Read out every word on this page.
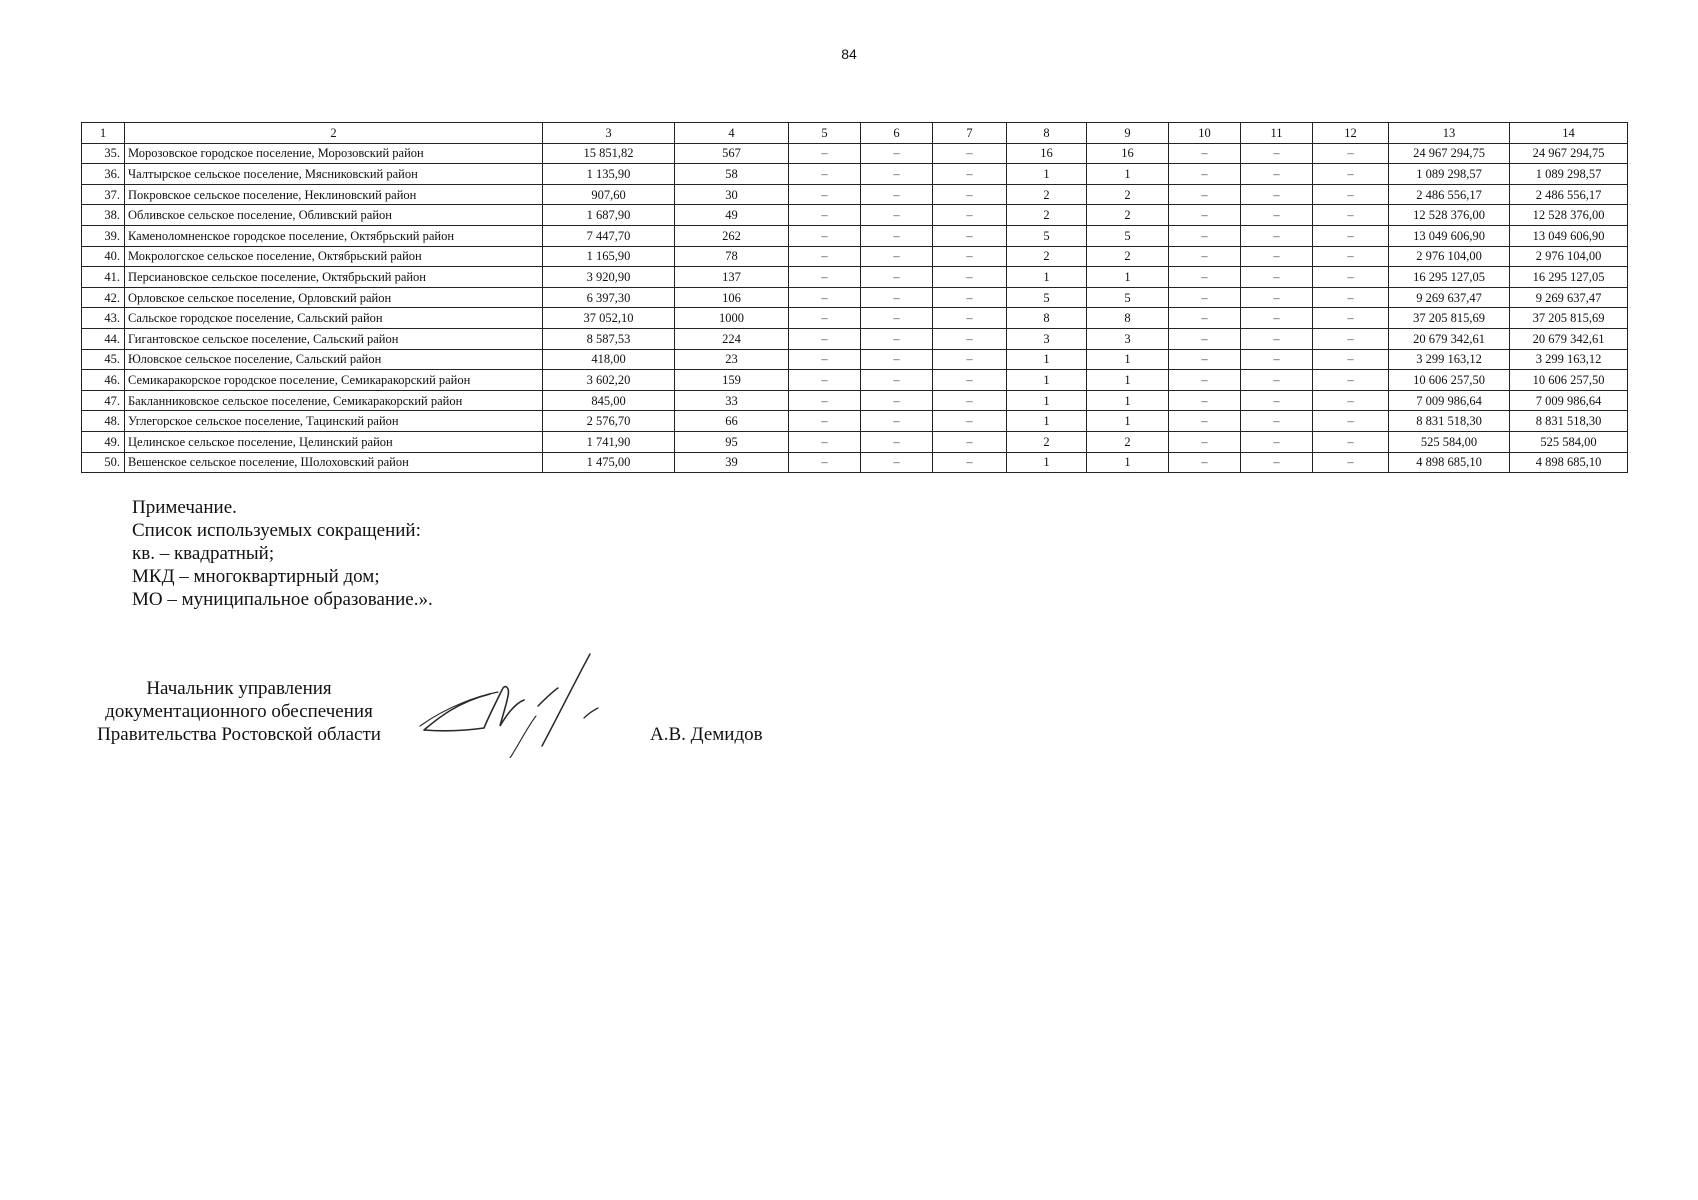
84
1	2	3	4	5	6	7	8	9	10	11	12	13	14
35.	Морозовское городское поселение, Морозовский район	15 851,82	567	–	–	–	16	16	–	–	–	24 967 294,75	24 967 294,75
36.	Чалтырское сельское поселение, Мясниковский район	1 135,90	58	–	–	–	1	1	–	–	–	1 089 298,57	1 089 298,57
37.	Покровское сельское поселение, Неклиновский район	907,60	30	–	–	–	2	2	–	–	–	2 486 556,17	2 486 556,17
38.	Обливское сельское поселение, Обливский район	1 687,90	49	–	–	–	2	2	–	–	–	12 528 376,00	12 528 376,00
39.	Каменоломненское городское поселение, Октябрьский район	7 447,70	262	–	–	–	5	5	–	–	–	13 049 606,90	13 049 606,90
40.	Мокрологское сельское поселение, Октябрьский район	1 165,90	78	–	–	–	2	2	–	–	–	2 976 104,00	2 976 104,00
41.	Персиановское сельское поселение, Октябрьский район	3 920,90	137	–	–	–	1	1	–	–	–	16 295 127,05	16 295 127,05
42.	Орловское сельское поселение, Орловский район	6 397,30	106	–	–	–	5	5	–	–	–	9 269 637,47	9 269 637,47
43.	Сальское городское поселение, Сальский район	37 052,10	1000	–	–	–	8	8	–	–	–	37 205 815,69	37 205 815,69
44.	Гигантовское сельское поселение, Сальский район	8 587,53	224	–	–	–	3	3	–	–	–	20 679 342,61	20 679 342,61
45.	Юловское сельское поселение, Сальский район	418,00	23	–	–	–	1	1	–	–	–	3 299 163,12	3 299 163,12
46.	Семикаракорское городское поселение, Семикаракорский район	3 602,20	159	–	–	–	1	1	–	–	–	10 606 257,50	10 606 257,50
47.	Бакланниковское сельское поселение, Семикаракорский район	845,00	33	–	–	–	1	1	–	–	–	7 009 986,64	7 009 986,64
48.	Углегорское сельское поселение, Тацинский район	2 576,70	66	–	–	–	1	1	–	–	–	8 831 518,30	8 831 518,30
49.	Целинское сельское поселение, Целинский район	1 741,90	95	–	–	–	2	2	–	–	–	525 584,00	525 584,00
50.	Вешенское сельское поселение, Шолоховский район	1 475,00	39	–	–	–	1	1	–	–	–	4 898 685,10	4 898 685,10
Примечание.
Список используемых сокращений:
кв. – квадратный;
МКД – многоквартирный дом;
МО – муниципальное образование.».
Начальник управления
документационного обеспечения
Правительства Ростовской области	А.В. Демидов
